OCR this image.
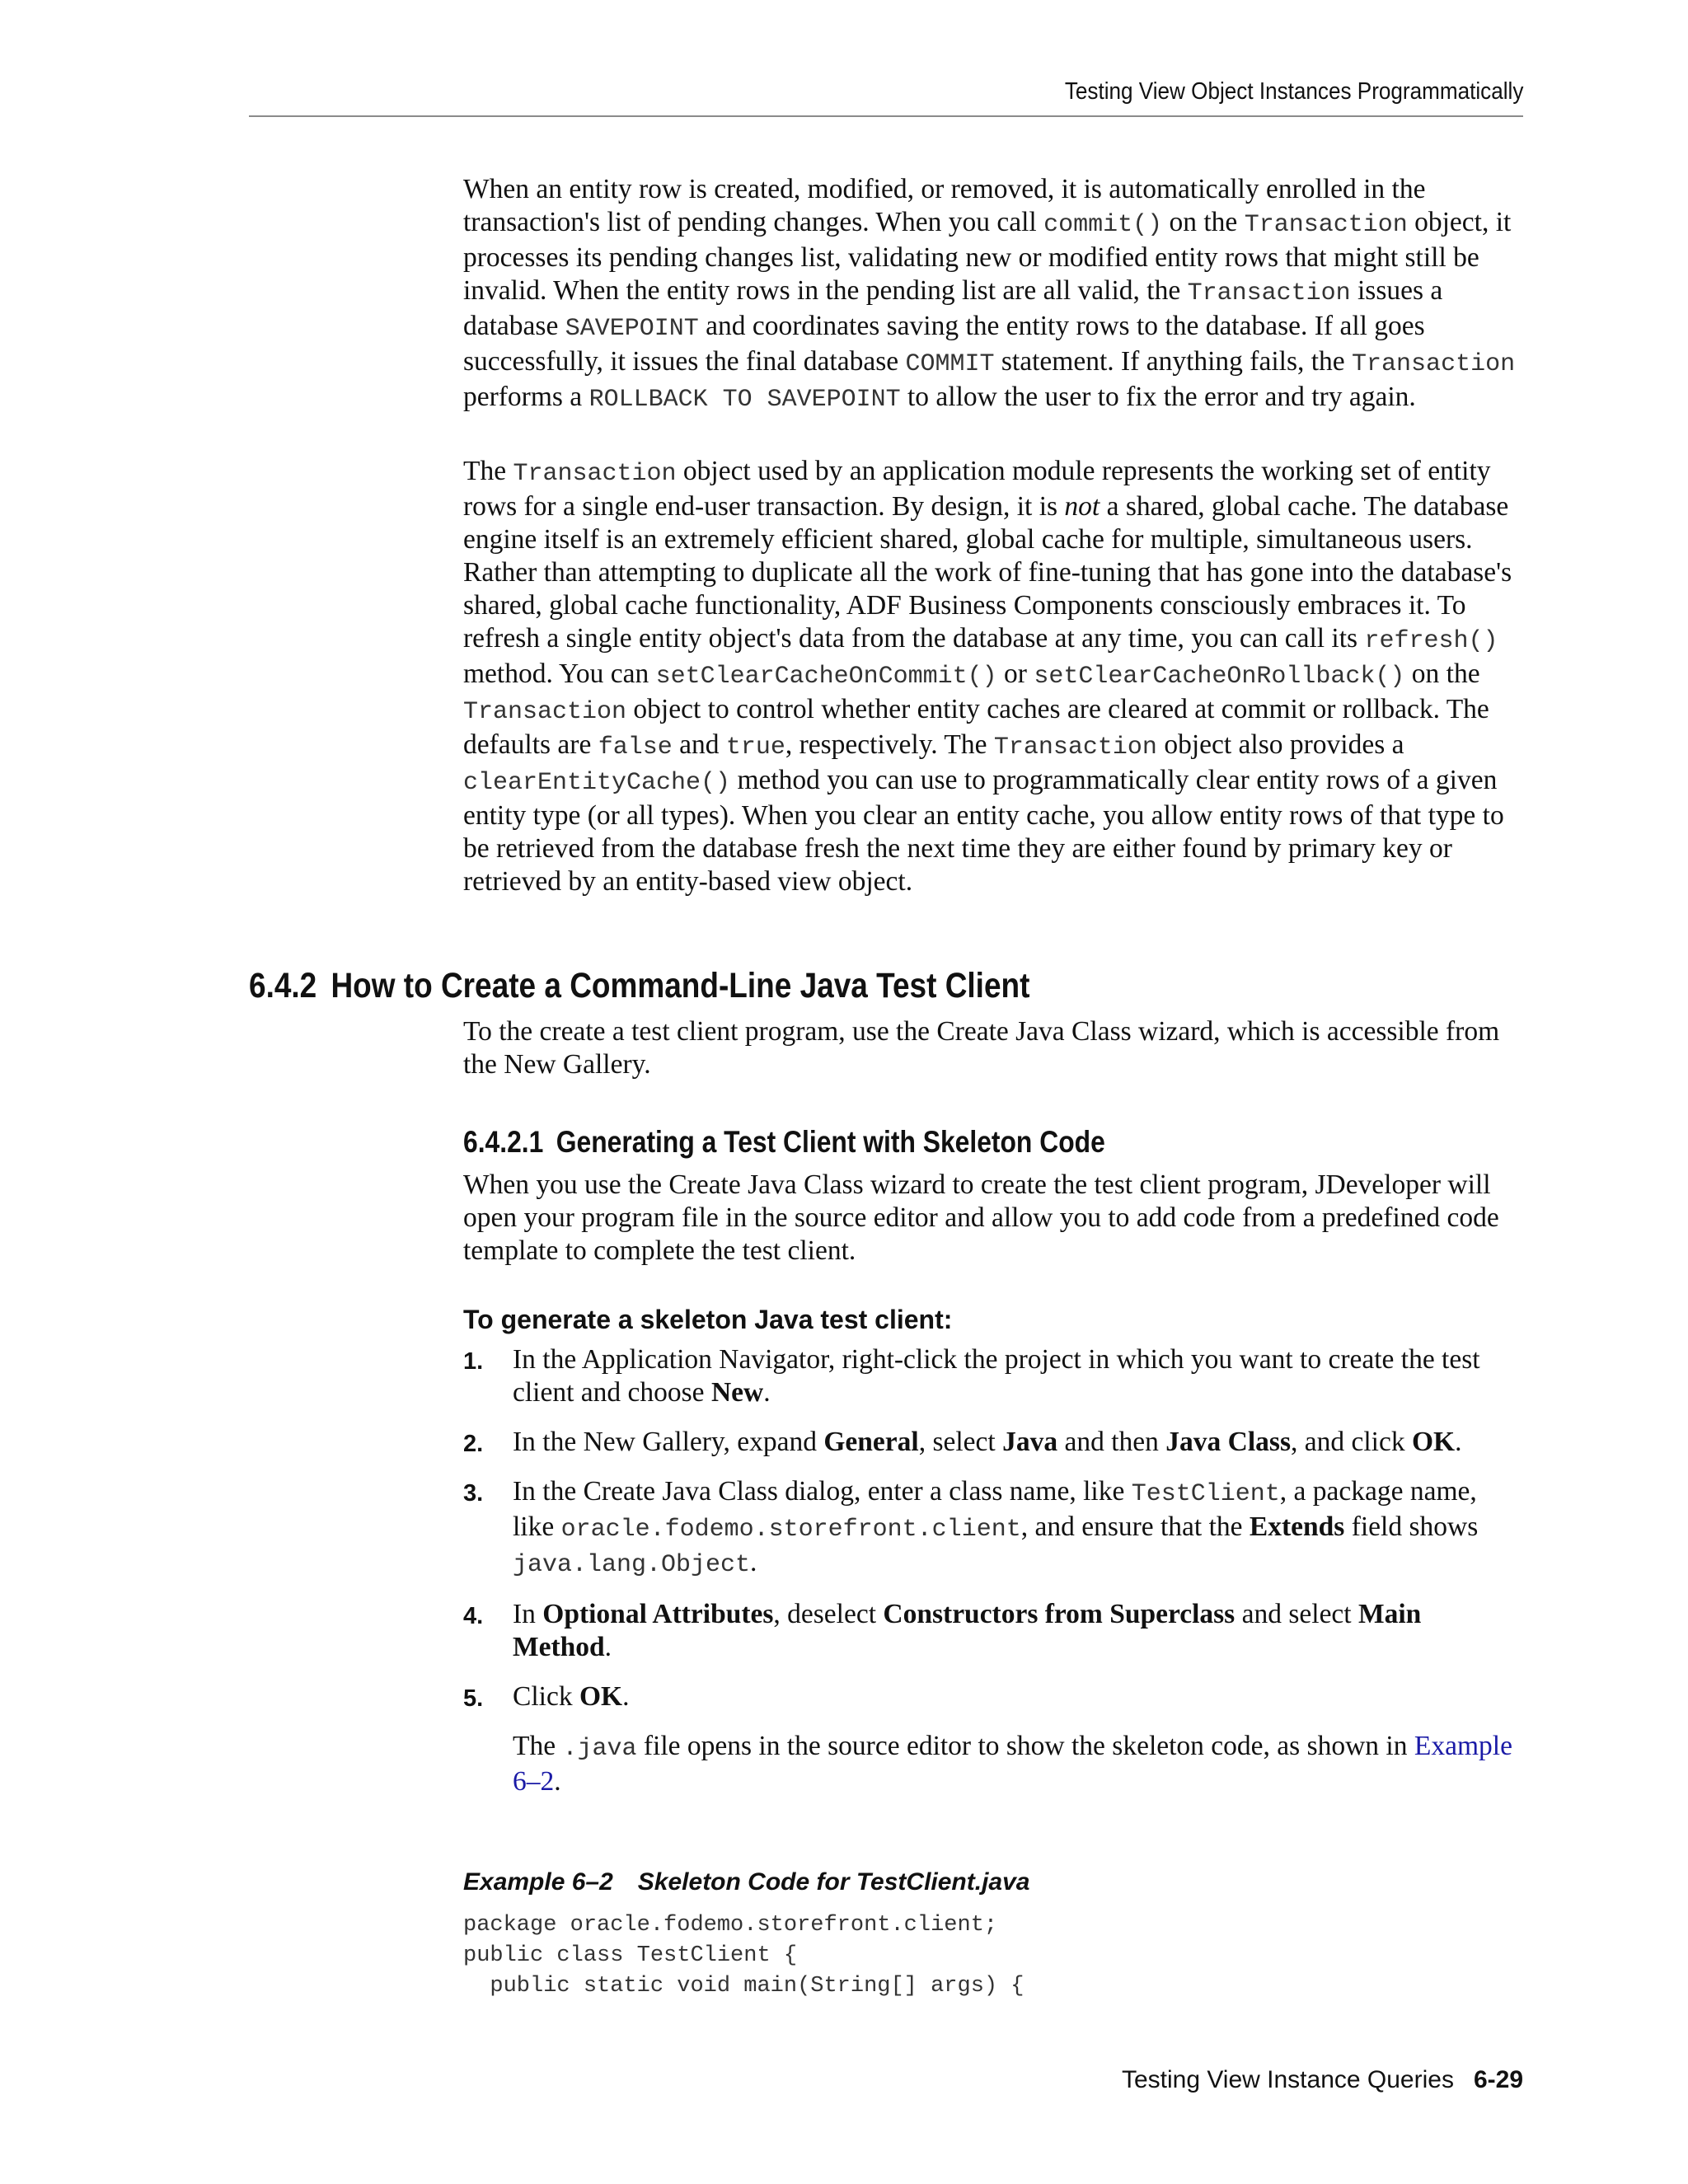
Testing View Object Instances Programmatically
When an entity row is created, modified, or removed, it is automatically enrolled in the transaction's list of pending changes. When you call commit() on the Transaction object, it processes its pending changes list, validating new or modified entity rows that might still be invalid. When the entity rows in the pending list are all valid, the Transaction issues a database SAVEPOINT and coordinates saving the entity rows to the database. If all goes successfully, it issues the final database COMMIT statement. If anything fails, the Transaction performs a ROLLBACK TO SAVEPOINT to allow the user to fix the error and try again.
The Transaction object used by an application module represents the working set of entity rows for a single end-user transaction. By design, it is not a shared, global cache. The database engine itself is an extremely efficient shared, global cache for multiple, simultaneous users. Rather than attempting to duplicate all the work of fine-tuning that has gone into the database's shared, global cache functionality, ADF Business Components consciously embraces it. To refresh a single entity object's data from the database at any time, you can call its refresh() method. You can setClearCacheOnCommit() or setClearCacheOnRollback() on the Transaction object to control whether entity caches are cleared at commit or rollback. The defaults are false and true, respectively. The Transaction object also provides a clearEntityCache() method you can use to programmatically clear entity rows of a given entity type (or all types). When you clear an entity cache, you allow entity rows of that type to be retrieved from the database fresh the next time they are either found by primary key or retrieved by an entity-based view object.
6.4.2 How to Create a Command-Line Java Test Client
To the create a test client program, use the Create Java Class wizard, which is accessible from the New Gallery.
6.4.2.1 Generating a Test Client with Skeleton Code
When you use the Create Java Class wizard to create the test client program, JDeveloper will open your program file in the source editor and allow you to add code from a predefined code template to complete the test client.
To generate a skeleton Java test client:
1. In the Application Navigator, right-click the project in which you want to create the test client and choose New.
2. In the New Gallery, expand General, select Java and then Java Class, and click OK.
3. In the Create Java Class dialog, enter a class name, like TestClient, a package name, like oracle.fodemo.storefront.client, and ensure that the Extends field shows java.lang.Object.
4. In Optional Attributes, deselect Constructors from Superclass and select Main Method.
5. Click OK.
The .java file opens in the source editor to show the skeleton code, as shown in Example 6–2.
Example 6–2 Skeleton Code for TestClient.java
package oracle.fodemo.storefront.client;
public class TestClient {
public static void main(String[] args) {
Testing View Instance Queries 6-29
